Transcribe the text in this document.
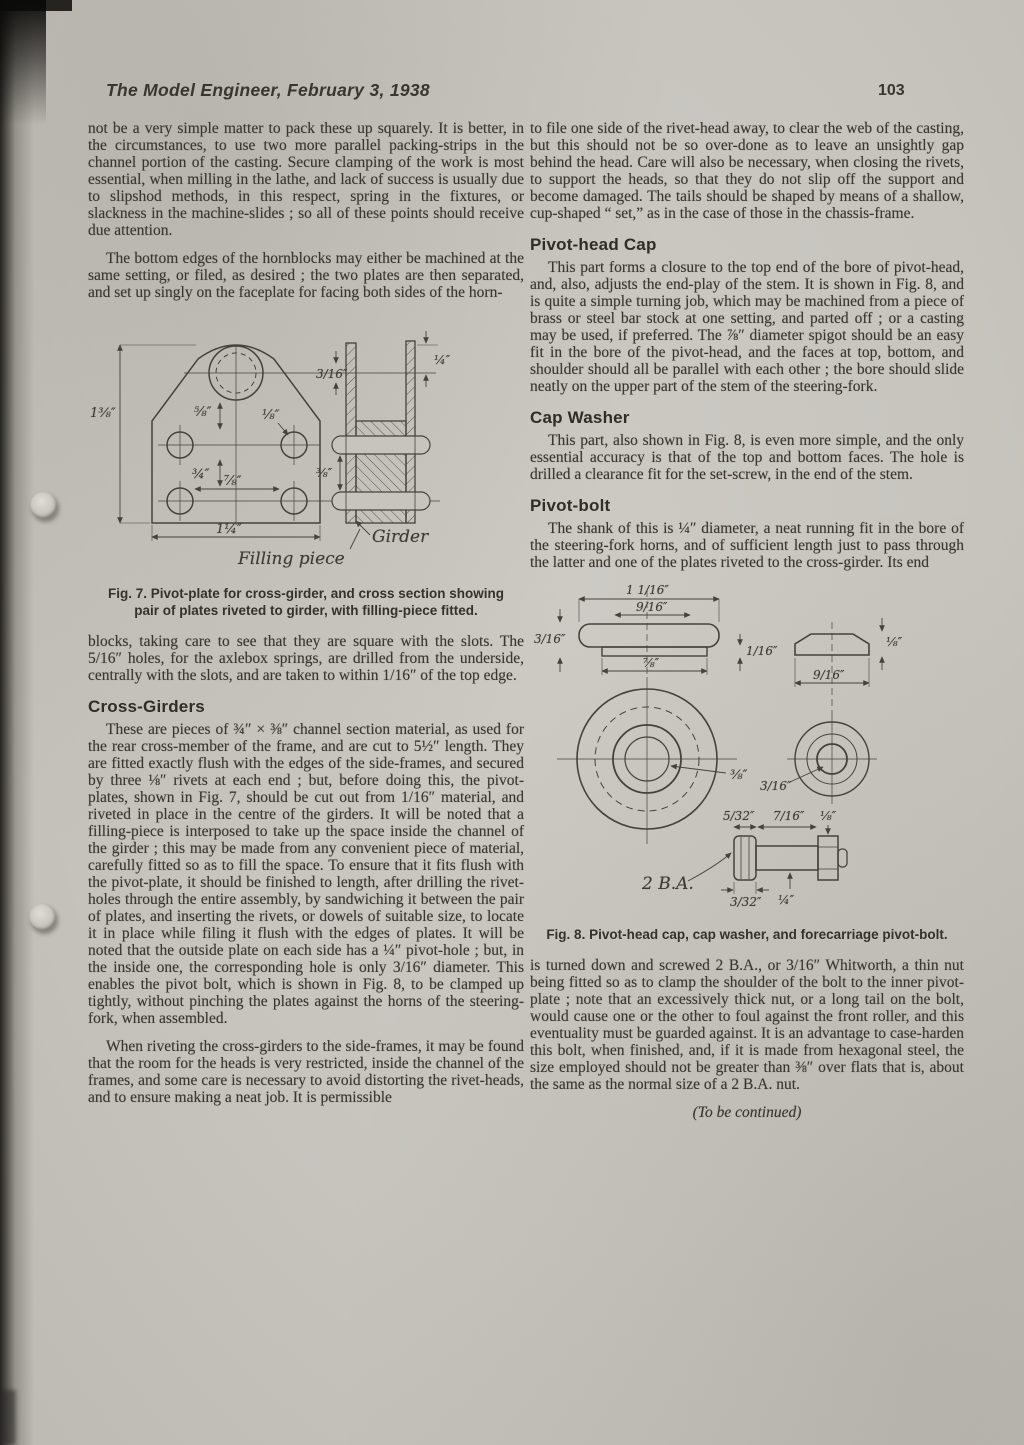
The Model Engineer, February 3, 1938	103

not be a very simple matter to pack these up squarely. It is better, in the circumstances, to use two more parallel packing-strips in the channel portion of the casting. Secure clamping of the work is most essential, when milling in the lathe, and lack of success is usually due to slipshod methods, in this respect, spring in the fixtures, or slackness in the machine-slides ; so all of these points should receive due attention.

The bottom edges of the hornblocks may either be machined at the same setting, or filed, as desired ; the two plates are then separated, and set up singly on the faceplate for facing both sides of the horn-

1⅜″	⅝″	⅛″
¾″ ⅞″
1¼″
3/16″
¼″
⅜″
Girder
Filling piece
Fig. 7. Pivot-plate for cross-girder, and cross section showing pair of plates riveted to girder, with filling-piece fitted.

blocks, taking care to see that they are square with the slots. The 5/16″ holes, for the axlebox springs, are drilled from the underside, centrally with the slots, and are taken to within 1/16″ of the top edge.

Cross-Girders

These are pieces of ¾″ × ⅜″ channel section material, as used for the rear cross-member of the frame, and are cut to 5½″ length. They are fitted exactly flush with the edges of the side-frames, and secured by three ⅛″ rivets at each end ; but, before doing this, the pivot-plates, shown in Fig. 7, should be cut out from 1/16″ material, and riveted in place in the centre of the girders. It will be noted that a filling-piece is interposed to take up the space inside the channel of the girder ; this may be made from any convenient piece of material, carefully fitted so as to fill the space. To ensure that it fits flush with the pivot-plate, it should be finished to length, after drilling the rivet-holes through the entire assembly, by sandwiching it between the pair of plates, and inserting the rivets, or dowels of suitable size, to locate it in place while filing it flush with the edges of plates. It will be noted that the outside plate on each side has a ¼″ pivot-hole ; but, in the inside one, the corresponding hole is only 3/16″ diameter. This enables the pivot bolt, which is shown in Fig. 8, to be clamped up tightly, without pinching the plates against the horns of the steering-fork, when assembled.

When riveting the cross-girders to the side-frames, it may be found that the room for the heads is very restricted, inside the channel of the frames, and some care is necessary to avoid distorting the rivet-heads, and to ensure making a neat job. It is permissible

to file one side of the rivet-head away, to clear the web of the casting, but this should not be so over-done as to leave an unsightly gap behind the head. Care will also be necessary, when closing the rivets, to support the heads, so that they do not slip off the support and become damaged. The tails should be shaped by means of a shallow, cup-shaped “ set,” as in the case of those in the chassis-frame.

Pivot-head Cap

This part forms a closure to the top end of the bore of pivot-head, and, also, adjusts the end-play of the stem. It is shown in Fig. 8, and is quite a simple turning job, which may be machined from a piece of brass or steel bar stock at one setting, and parted off ; or a casting may be used, if preferred. The ⅞″ diameter spigot should be an easy fit in the bore of the pivot-head, and the faces at top, bottom, and shoulder should all be parallel with each other ; the bore should slide neatly on the upper part of the stem of the steering-fork.

Cap Washer

This part, also shown in Fig. 8, is even more simple, and the only essential accuracy is that of the top and bottom faces. The hole is drilled a clearance fit for the set-screw, in the end of the stem.

Pivot-bolt

The shank of this is ¼″ diameter, a neat running fit in the bore of the steering-fork horns, and of sufficient length just to pass through the latter and one of the plates riveted to the cross-girder. Its end

1 1/16″
9/16″
3/16″
1/16″
⅞″
⅜″
⅛″
9/16″
3/16″
5/32″ 7/16″ ⅛″
2 B.A.
3/32″ ¼″
Fig. 8. Pivot-head cap, cap washer, and forecarriage pivot-bolt.

is turned down and screwed 2 B.A., or 3/16″ Whitworth, a thin nut being fitted so as to clamp the shoulder of the bolt to the inner pivot-plate ; note that an excessively thick nut, or a long tail on the bolt, would cause one or the other to foul against the front roller, and this eventuality must be guarded against. It is an advantage to case-harden this bolt, when finished, and, if it is made from hexagonal steel, the size employed should not be greater than ⅜″ over flats that is, about the same as the normal size of a 2 B.A. nut.

(To be continued)
